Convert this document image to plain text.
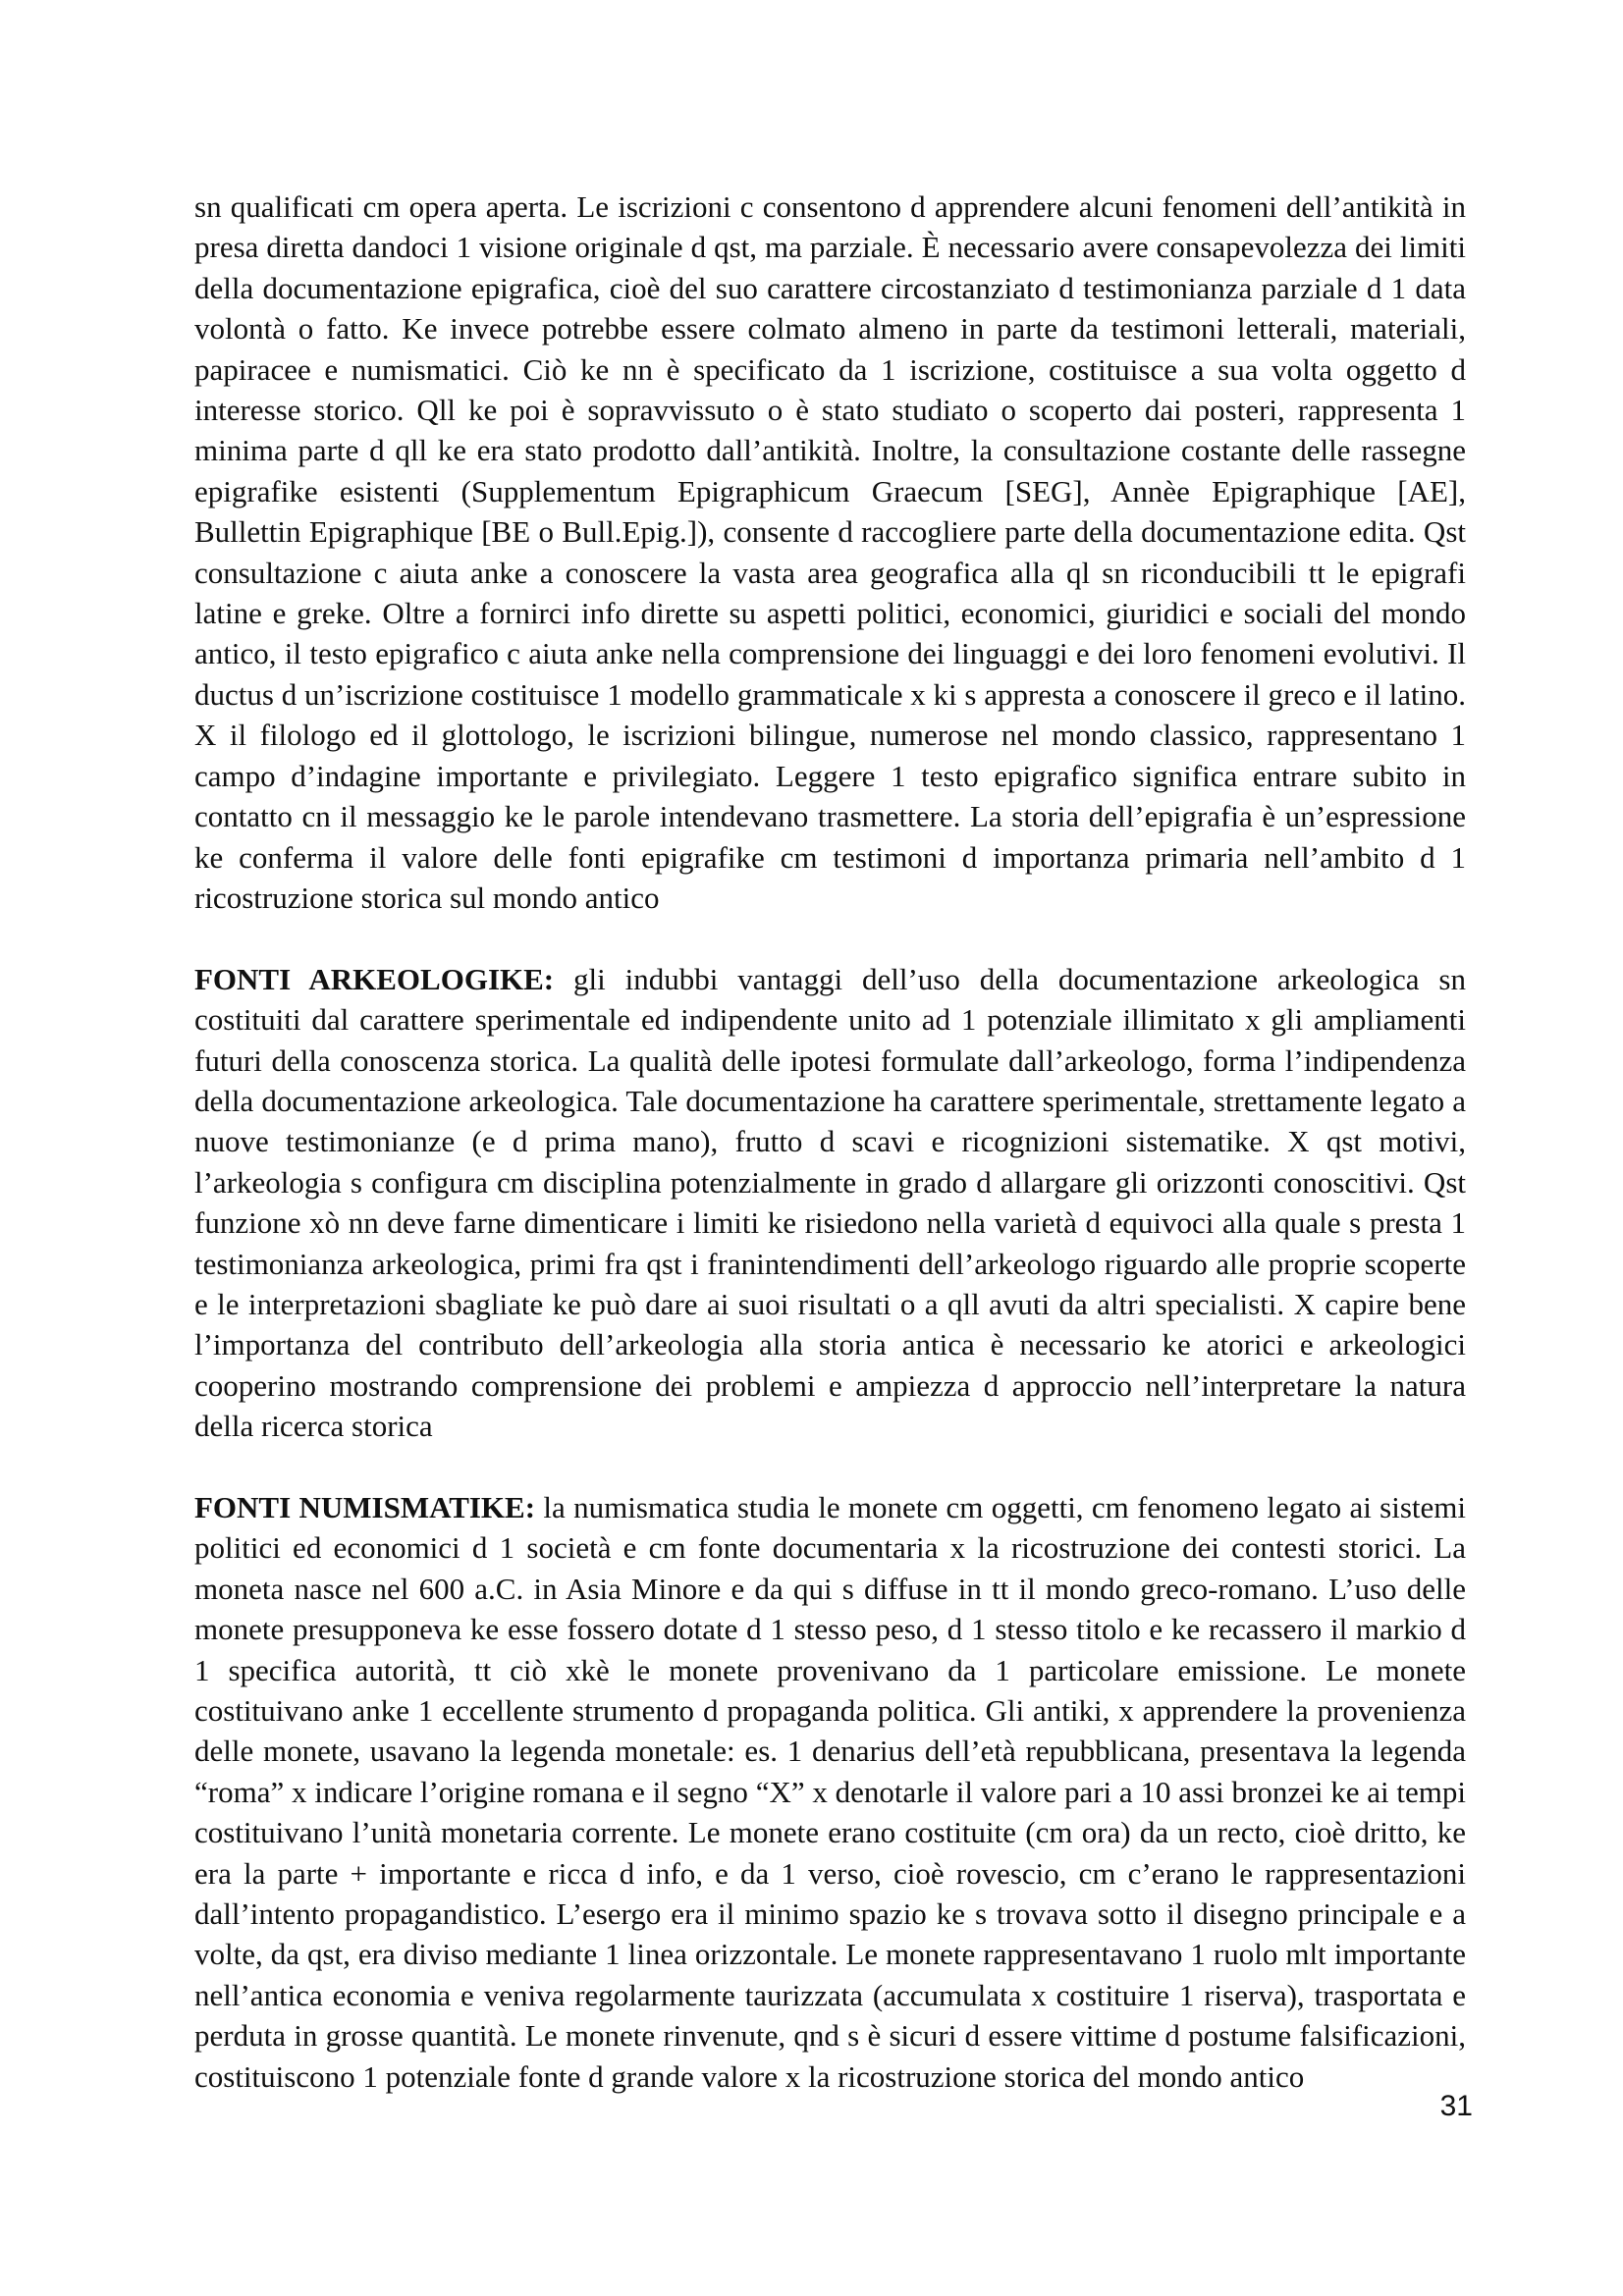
sn qualificati cm opera aperta. Le iscrizioni c consentono d apprendere alcuni fenomeni dell’antikità in presa diretta dandoci 1 visione originale d qst, ma parziale. È necessario avere consapevolezza dei limiti della documentazione epigrafica, cioè del suo carattere circostanziato d testimonianza parziale d 1 data volontà o fatto. Ke invece potrebbe essere colmato almeno in parte da testimoni letterali, materiali, papiracee e numismatici. Ciò ke nn è specificato da 1 iscrizione, costituisce a sua volta oggetto d interesse storico. Qll ke poi è sopravvissuto o è stato studiato o scoperto dai posteri, rappresenta 1 minima parte d qll ke era stato prodotto dall’antikità. Inoltre, la consultazione costante delle rassegne epigrafike esistenti (Supplementum Epigraphicum Graecum [SEG], Annèe Epigraphique [AE], Bullettin Epigraphique [BE o Bull.Epig.]), consente d raccogliere parte della documentazione edita. Qst consultazione c aiuta anke a conoscere la vasta area geografica alla ql sn riconducibili tt le epigrafi latine e greke. Oltre a fornirci info dirette su aspetti politici, economici, giuridici e sociali del mondo antico, il testo epigrafico c aiuta anke nella comprensione dei linguaggi e dei loro fenomeni evolutivi. Il ductus d un’iscrizione costituisce 1 modello grammaticale x ki s appresta a conoscere il greco e il latino. X il filologo ed il glottologo, le iscrizioni bilingue, numerose nel mondo classico, rappresentano 1 campo d’indagine importante e privilegiato. Leggere 1 testo epigrafico significa entrare subito in contatto cn il messaggio ke le parole intendevano trasmettere. La storia dell’epigrafia è un’espressione ke conferma il valore delle fonti epigrafike cm testimoni d importanza primaria nell’ambito d 1 ricostruzione storica sul mondo antico

FONTI ARKEOLOGIKE: gli indubbi vantaggi dell’uso della documentazione arkeologica sn costituiti dal carattere sperimentale ed indipendente unito ad 1 potenziale illimitato x gli ampliamenti futuri della conoscenza storica. La qualità delle ipotesi formulate dall’arkeologo, forma l’indipendenza della documentazione arkeologica. Tale documentazione ha carattere sperimentale, strettamente legato a nuove testimonianze (e d prima mano), frutto d scavi e ricognizioni sistematike. X qst motivi, l’arkeologia s configura cm disciplina potenzialmente in grado d allargare gli orizzonti conoscitivi. Qst funzione xò nn deve farne dimenticare i limiti ke risiedono nella varietà d equivoci alla quale s presta 1 testimonianza arkeologica, primi fra qst i franintendimenti dell’arkeologo riguardo alle proprie scoperte e le interpretazioni sbagliate ke può dare ai suoi risultati o a qll avuti da altri specialisti. X capire bene l’importanza del contributo dell’arkeologia alla storia antica è necessario ke atorici e arkeologici cooperino mostrando comprensione dei problemi e ampiezza d approccio nell’interpretare la natura della ricerca storica

FONTI NUMISMATIKE: la numismatica studia le monete cm oggetti, cm fenomeno legato ai sistemi politici ed economici d 1 società e cm fonte documentaria x la ricostruzione dei contesti storici. La moneta nasce nel 600 a.C. in Asia Minore e da qui s diffuse in tt il mondo greco-romano. L’uso delle monete presupponeva ke esse fossero dotate d 1 stesso peso, d 1 stesso titolo e ke recassero il markio d 1 specifica autorità, tt ciò xkè le monete provenivano da 1 particolare emissione. Le monete costituivano anke 1 eccellente strumento d propaganda politica. Gli antiki, x apprendere la provenienza delle monete, usavano la legenda monetale: es. 1 denarius dell’età repubblicana, presentava la legenda “roma” x indicare l’origine romana e il segno “X” x denotarle il valore pari a 10 assi bronzei ke ai tempi costituivano l’unità monetaria corrente. Le monete erano costituite (cm ora) da un recto, cioè dritto, ke era la parte + importante e ricca d info, e da 1 verso, cioè rovescio, cm c’erano le rappresentazioni dall’intento propagandistico. L’esergo era il minimo spazio ke s trovava sotto il disegno principale e a volte, da qst, era diviso mediante 1 linea orizzontale. Le monete rappresentavano 1 ruolo mlt importante nell’antica economia e veniva regolarmente taurizzata (accumulata x costituire 1 riserva), trasportata e perduta in grosse quantità. Le monete rinvenute, qnd s è sicuri d essere vittime d postume falsificazioni, costituiscono 1 potenziale fonte d grande valore x la ricostruzione storica del mondo antico

31
